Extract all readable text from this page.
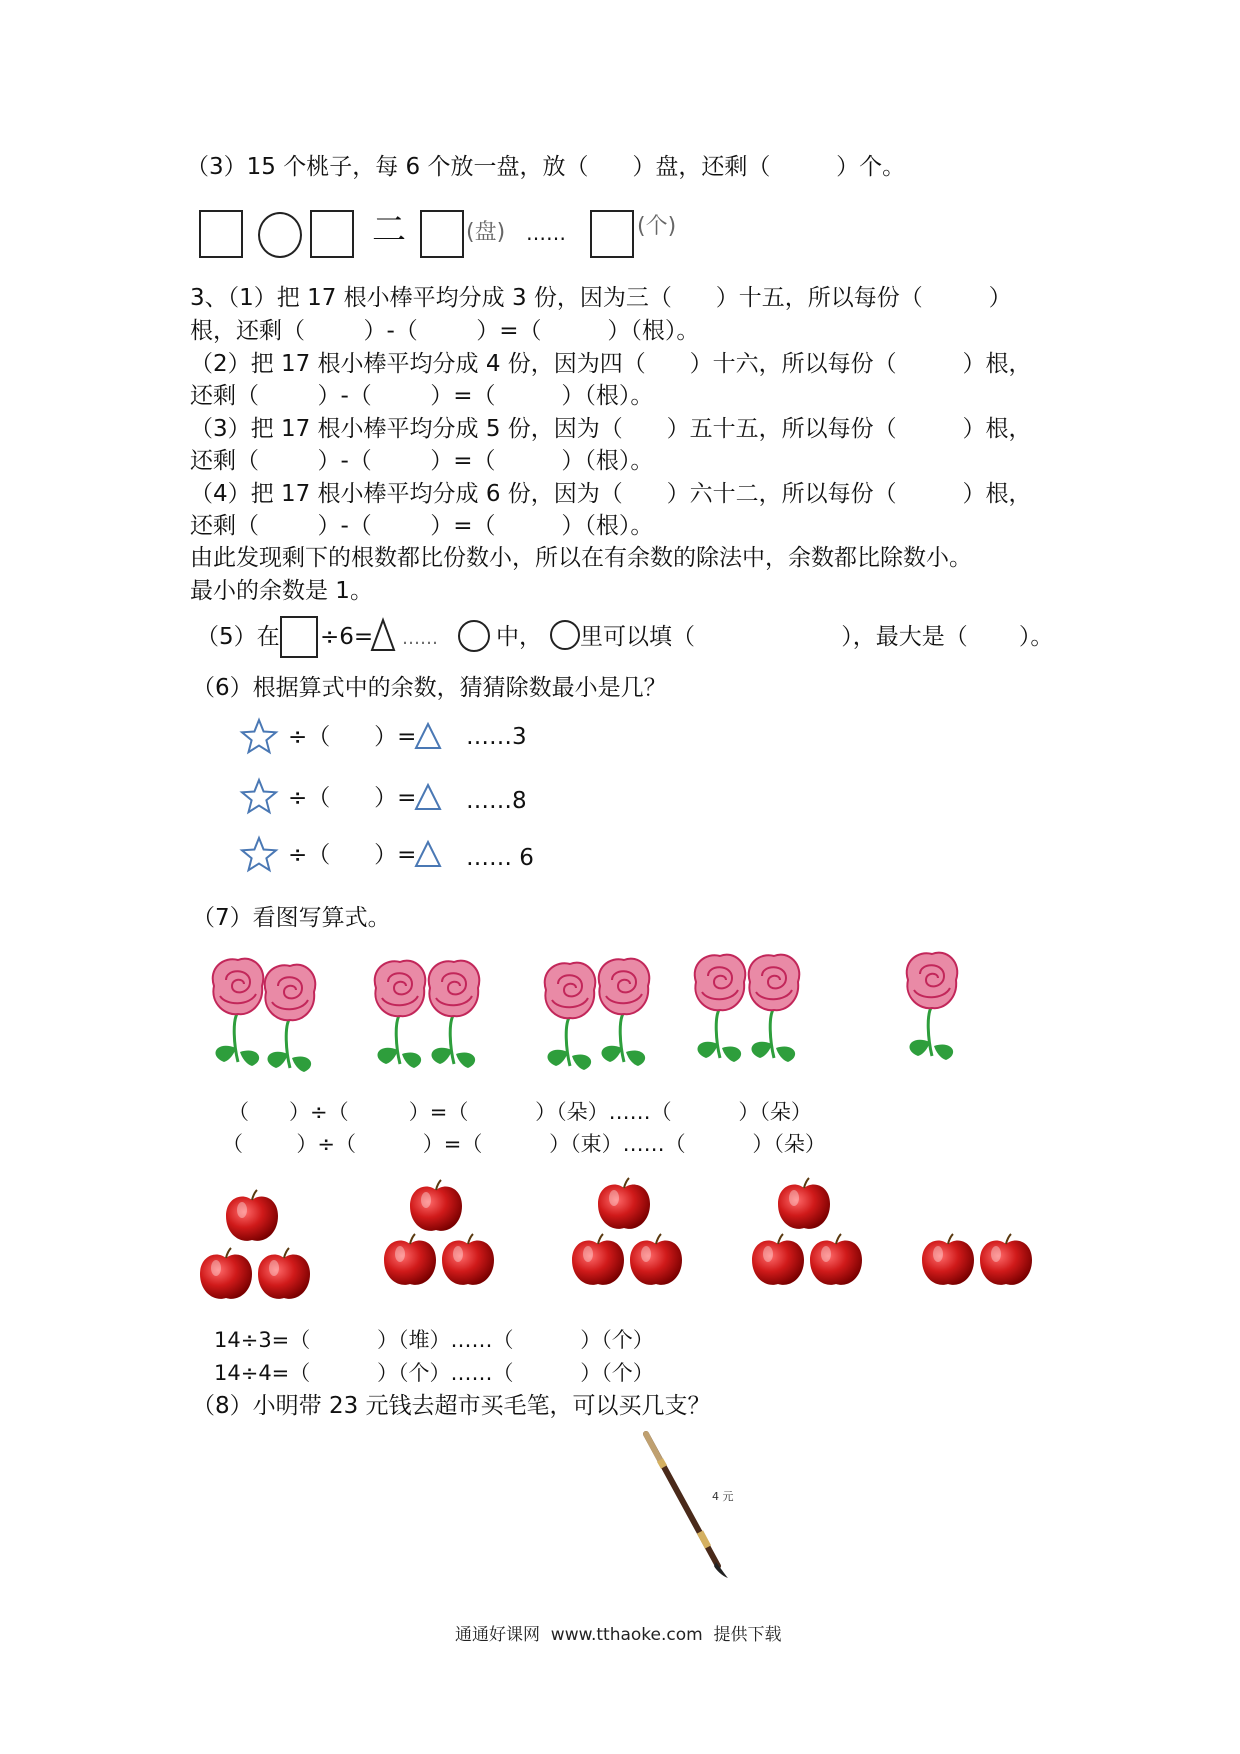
（3）15 个桃子，每 6 个放一盘，放（      ）盘，还剩（         ）个。
二	(盘) ……	(个)
3、（1）把 17 根小棒平均分成 3 份，因为三（      ）十五，所以每份（         ）
根，还剩（        ）-（        ）=（         ）（根）。
（2）把 17 根小棒平均分成 4 份，因为四（      ）十六，所以每份（         ）根，
还剩（        ）-（        ）=（         ）（根）。
（3）把 17 根小棒平均分成 5 份，因为（      ）五十五，所以每份（         ）根，
还剩（        ）-（        ）=（         ）（根）。
（4）把 17 根小棒平均分成 6 份，因为（      ）六十二，所以每份（         ）根，
还剩（        ）-（        ）=（         ）（根）。
由此发现剩下的根数都比份数小，所以在有余数的除法中，余数都比除数小。
最小的余数是 1。
（5）在 ÷6= ……	中， 里可以填（                    ），最大是（       ）。
（6）根据算式中的余数，猜猜除数最小是几？
÷（      ）= ……3
÷（      ）= ……8
÷（      ）= …… 6
（7）看图写算式。
（      ）÷（         ）=（          ）（朵）……（          ）（朵）
（        ）÷（          ）=（          ）（束）……（          ）（朵）
14÷3=（          ）（堆）……（          ）（个）
14÷4=（          ）（个）……（          ）（个）
（8）小明带 23 元钱去超市买毛笔，可以买几支？
4 元
通通好课网  www.tthaoke.com  提供下载
